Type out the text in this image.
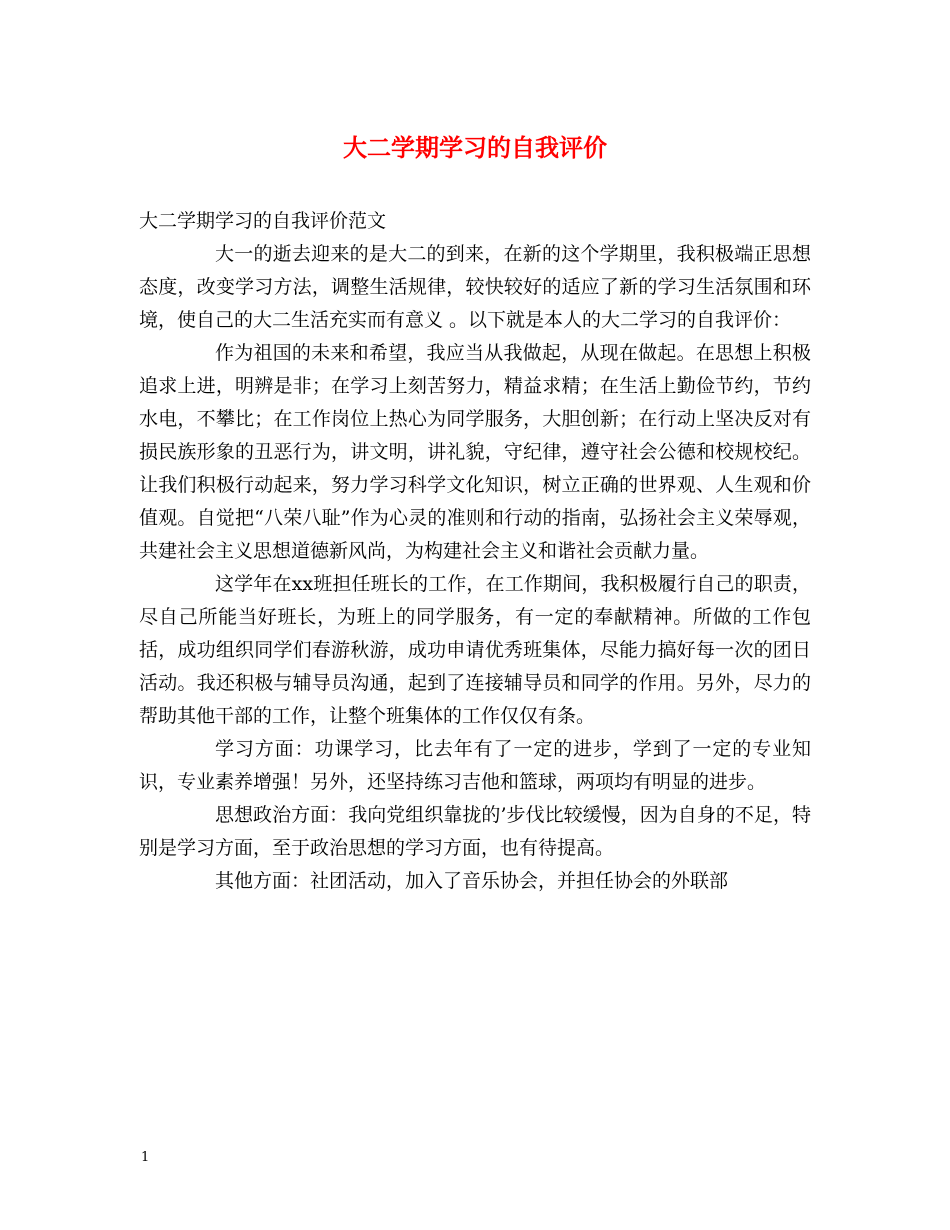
大二学期学习的自我评价

大二学期学习的自我评价范文

大一的逝去迎来的是大二的到来，在新的这个学期里，我积极端正思想态度，改变学习方法，调整生活规律，较快较好的适应了新的学习生活氛围和环境，使自己的大二生活充实而有意义 。以下就是本人的大二学习的自我评价：

作为祖国的未来和希望，我应当从我做起，从现在做起。在思想上积极追求上进，明辨是非；在学习上刻苦努力，精益求精；在生活上勤俭节约，节约水电，不攀比；在工作岗位上热心为同学服务，大胆创新；在行动上坚决反对有损民族形象的丑恶行为，讲文明，讲礼貌，守纪律，遵守社会公德和校规校纪。让我们积极行动起来，努力学习科学文化知识，树立正确的世界观、人生观和价值观。自觉把“八荣八耻”作为心灵的准则和行动的指南，弘扬社会主义荣辱观，共建社会主义思想道德新风尚，为构建社会主义和谐社会贡献力量。

这学年在xx班担任班长的工作，在工作期间，我积极履行自己的职责，尽自己所能当好班长，为班上的同学服务，有一定的奉献精神。所做的工作包括，成功组织同学们春游秋游，成功申请优秀班集体，尽能力搞好每一次的团日活动。我还积极与辅导员沟通，起到了连接辅导员和同学的作用。另外，尽力的帮助其他干部的工作，让整个班集体的工作仅仅有条。

学习方面：功课学习，比去年有了一定的进步，学到了一定的专业知识，专业素养增强！另外，还坚持练习吉他和篮球，两项均有明显的进步。

思想政治方面：我向党组织靠拢的’步伐比较缓慢，因为自身的不足，特别是学习方面，至于政治思想的学习方面，也有待提高。

其他方面：社团活动，加入了音乐协会，并担任协会的外联部

1
